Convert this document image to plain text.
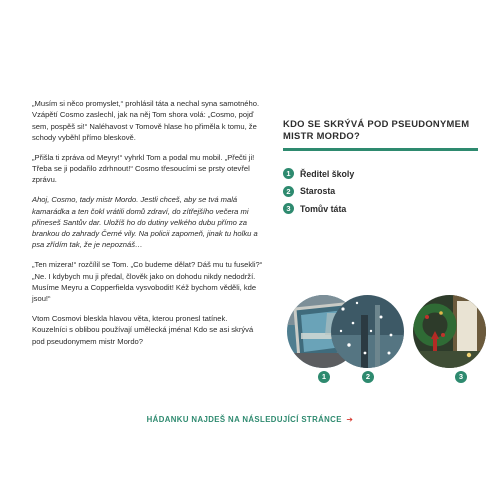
„Musím si něco promyslet,“ prohlásil táta a nechal syna samotného. Vzápětí Cosmo zaslechl, jak na něj Tom shora volá: „Cosmo, pojď sem, pospěš si!“ Naléhavost v Tomově hlase ho přiměla k tomu, že schody vyběhl přímo bleskově.

„Přišla ti zpráva od Meyry!“ vyhrkl Tom a podal mu mobil. „Přečti ji! Třeba se ji podařilo zdrhnout!“ Cosmo třesoucími se prsty otevřel zprávu.

Ahoj, Cosmo, tady mistr Mordo. Jestli chceš, aby se tvá malá kamarádka a ten čokl vrátili domů zdraví, do zítřejšího večera mi přineseš Santův dar. Uložíš ho do dutiny velkého dubu přímo za brankou do zahrady Černé vily. Na policii zapomeň, jinak tu holku a psa zřídím tak, že je nepoznáš…

„Ten mizera!“ rozčílil se Tom. „Co budeme dělat? Dáš mu tu fusekli?“ „Ne. I kdybych mu ji předal, člověk jako on dohodu nikdy nedodrží. Musíme Meyru a Copperfielda vysvobodit! Kéž bychom věděli, kde jsou!“

Vtom Cosmovi bleskla hlavou věta, kterou pronesl tatínek. Kouzelníci s oblibou používají umělecká jména! Kdo se asi skrývá pod pseudonymem mistr Mordo?

KDO SE SKRÝVÁ POD PSEUDONYMEM MISTR MORDO?
1	Ředitel školy
2	Starosta
3	Tomův táta
1	2	3
HÁDANKU NAJDEŠ NA NÁSLEDUJÍCÍ STRÁNCE ➔
